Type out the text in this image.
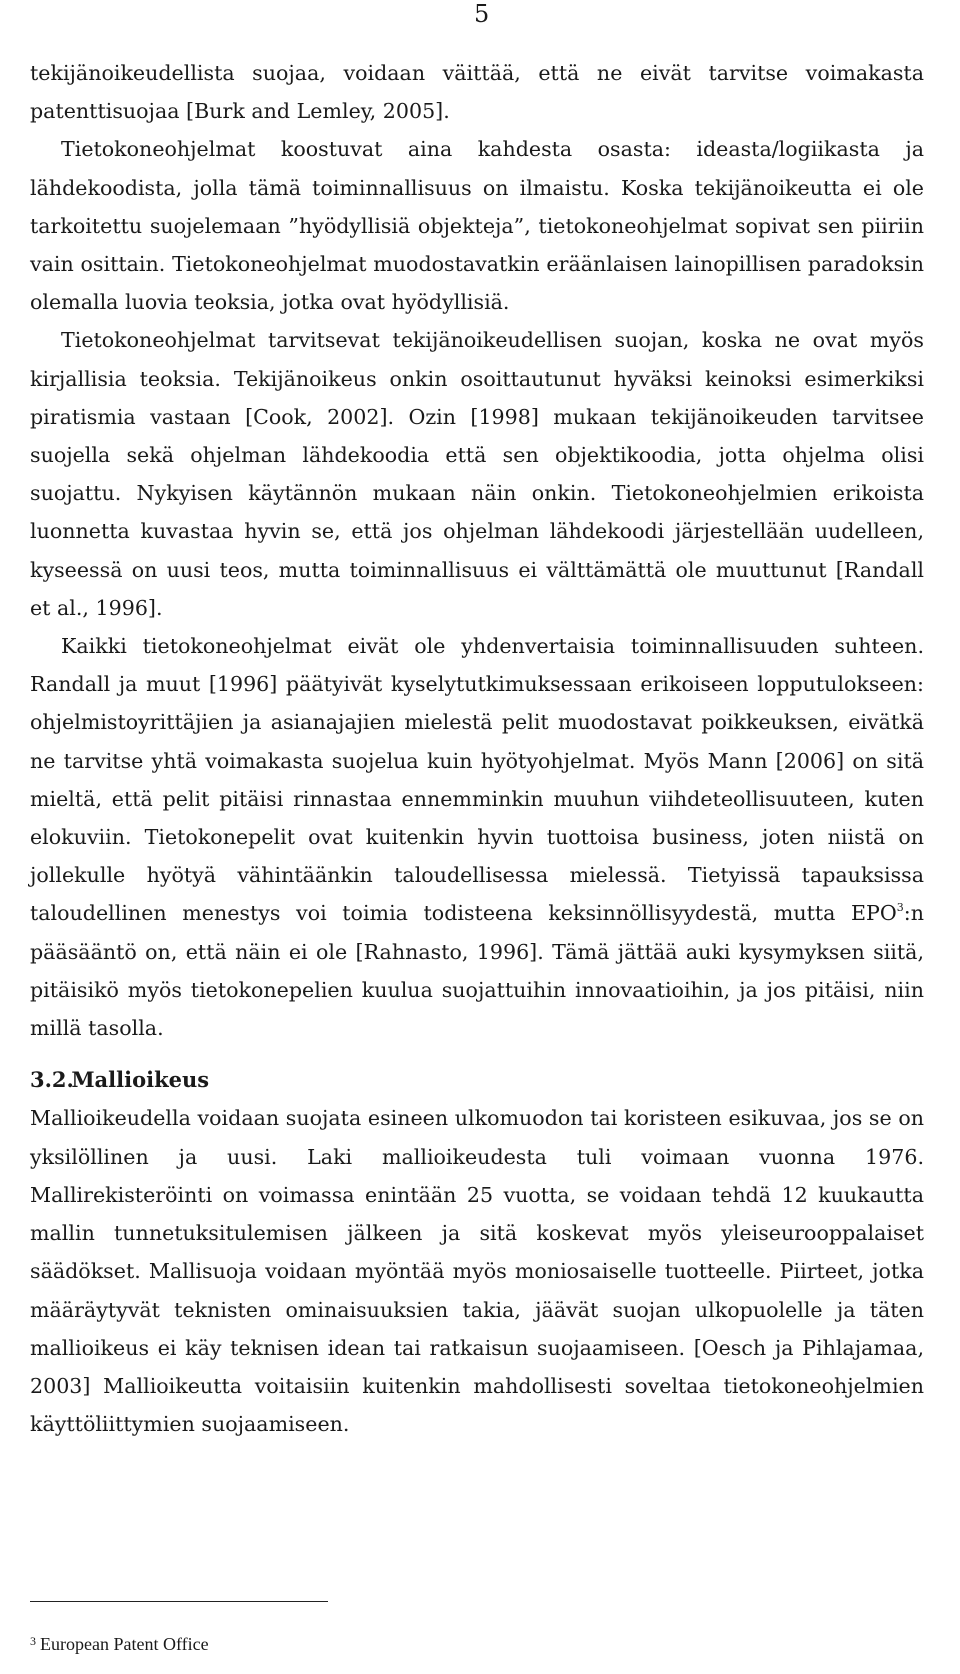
5

tekijänoikeudellista suojaa, voidaan väittää, että ne eivät tarvitse voimakasta patenttisuojaa [Burk and Lemley, 2005].

Tietokoneohjelmat koostuvat aina kahdesta osasta: ideasta/logiikasta ja lähdekoodista, jolla tämä toiminnallisuus on ilmaistu. Koska tekijänoikeutta ei ole tarkoitettu suojelemaan ”hyödyllisiä objekteja”, tietokoneohjelmat sopivat sen piiriin vain osittain. Tietokoneohjelmat muodostavatkin eräänlaisen lainopillisen paradoksin olemalla luovia teoksia, jotka ovat hyödyllisiä.

Tietokoneohjelmat tarvitsevat tekijänoikeudellisen suojan, koska ne ovat myös kirjallisia teoksia. Tekijänoikeus onkin osoittautunut hyväksi keinoksi esimerkiksi piratismia vastaan [Cook, 2002]. Ozin [1998] mukaan tekijänoikeuden tarvitsee suojella sekä ohjelman lähdekoodia että sen objektikoodia, jotta ohjelma olisi suojattu. Nykyisen käytännön mukaan näin onkin. Tietokoneohjelmien erikoista luonnetta kuvastaa hyvin se, että jos ohjelman lähdekoodi järjestellään uudelleen, kyseessä on uusi teos, mutta toiminnallisuus ei välttämättä ole muuttunut [Randall et al., 1996].

Kaikki tietokoneohjelmat eivät ole yhdenvertaisia toiminnallisuuden suhteen. Randall ja muut [1996] päätyivät kyselytutkimuksessaan erikoiseen lopputulokseen: ohjelmistoyrittäjien ja asianajajien mielestä pelit muodostavat poikkeuksen, eivätkä ne tarvitse yhtä voimakasta suojelua kuin hyötyohjelmat. Myös Mann [2006] on sitä mieltä, että pelit pitäisi rinnastaa ennemminkin muuhun viihdeteollisuuteen, kuten elokuviin. Tietokonepelit ovat kuitenkin hyvin tuottoisa business, joten niistä on jollekulle hyötyä vähintäänkin taloudellisessa mielessä. Tietyissä tapauksissa taloudellinen menestys voi toimia todisteena keksinnöllisyydestä, mutta EPO$^3$:n pääsääntö on, että näin ei ole [Rahnasto, 1996]. Tämä jättää auki kysymyksen siitä, pitäisikö myös tietokonepelien kuulua suojattuihin innovaatioihin, ja jos pitäisi, niin millä tasolla.

3.2. Mallioikeus

Mallioikeudella voidaan suojata esineen ulkomuodon tai koristeen esikuvaa, jos se on yksilöllinen ja uusi. Laki mallioikeudesta tuli voimaan vuonna 1976. Mallirekisteröinti on voimassa enintään 25 vuotta, se voidaan tehdä 12 kuukautta mallin tunnetuksitulemisen jälkeen ja sitä koskevat myös yleiseurooppalaiset säädökset. Mallisuoja voidaan myöntää myös moniosaiselle tuotteelle. Piirteet, jotka määräytyvät teknisten ominaisuuksien takia, jäävät suojan ulkopuolelle ja täten mallioikeus ei käy teknisen idean tai ratkaisun suojaamiseen. [Oesch ja Pihlajamaa, 2003] Mallioikeutta voitaisiin kuitenkin mahdollisesti soveltaa tietokoneohjelmien käyttöliittymien suojaamiseen.

$^3$ European Patent Office
